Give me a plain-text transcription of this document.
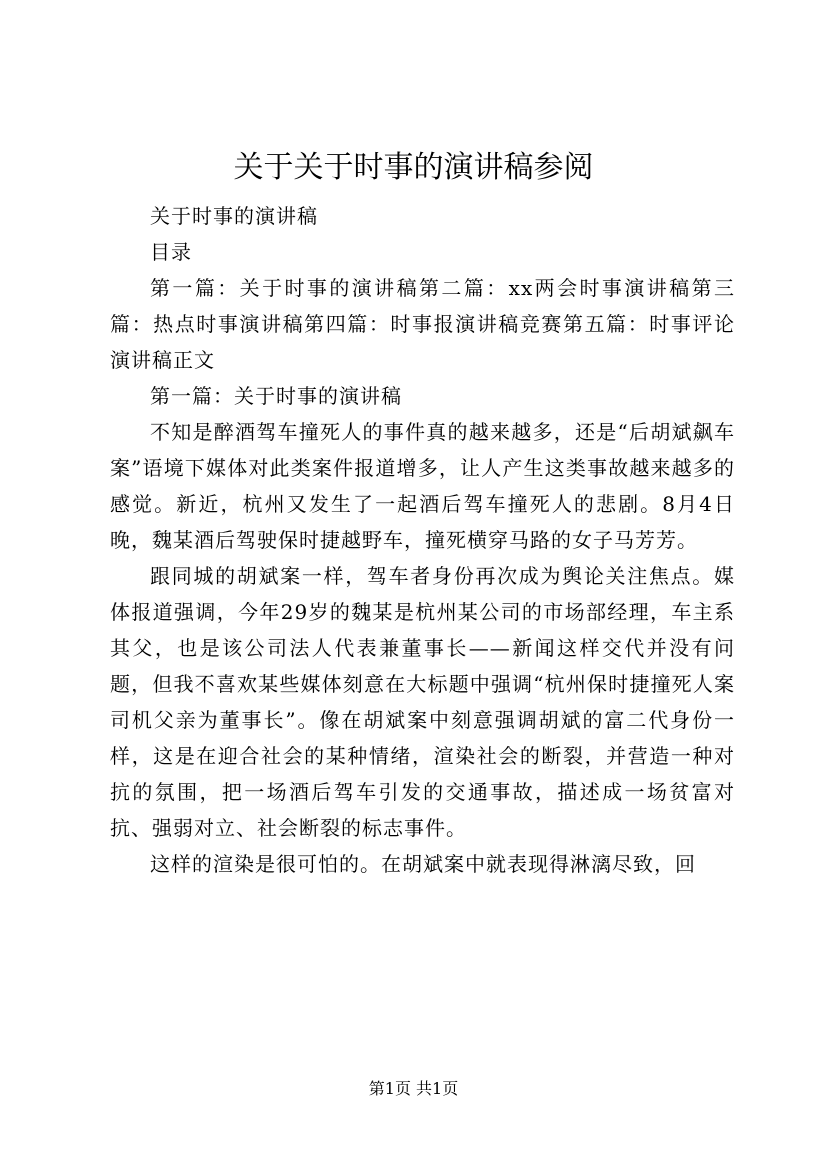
关于关于时事的演讲稿参阅

关于时事的演讲稿

目录

第一篇：关于时事的演讲稿第二篇：xx两会时事演讲稿第三篇：热点时事演讲稿第四篇：时事报演讲稿竞赛第五篇：时事评论演讲稿正文

第一篇：关于时事的演讲稿

不知是醉酒驾车撞死人的事件真的越来越多，还是“后胡斌飙车案”语境下媒体对此类案件报道增多，让人产生这类事故越来越多的感觉。新近，杭州又发生了一起酒后驾车撞死人的悲剧。8月4日晚，魏某酒后驾驶保时捷越野车，撞死横穿马路的女子马芳芳。

跟同城的胡斌案一样，驾车者身份再次成为舆论关注焦点。媒体报道强调，今年29岁的魏某是杭州某公司的市场部经理，车主系其父，也是该公司法人代表兼董事长——新闻这样交代并没有问题，但我不喜欢某些媒体刻意在大标题中强调“杭州保时捷撞死人案司机父亲为董事长”。像在胡斌案中刻意强调胡斌的富二代身份一样，这是在迎合社会的某种情绪，渲染社会的断裂，并营造一种对抗的氛围，把一场酒后驾车引发的交通事故，描述成一场贫富对抗、强弱对立、社会断裂的标志事件。

这样的渲染是很可怕的。在胡斌案中就表现得淋漓尽致，回

第1页 共1页
